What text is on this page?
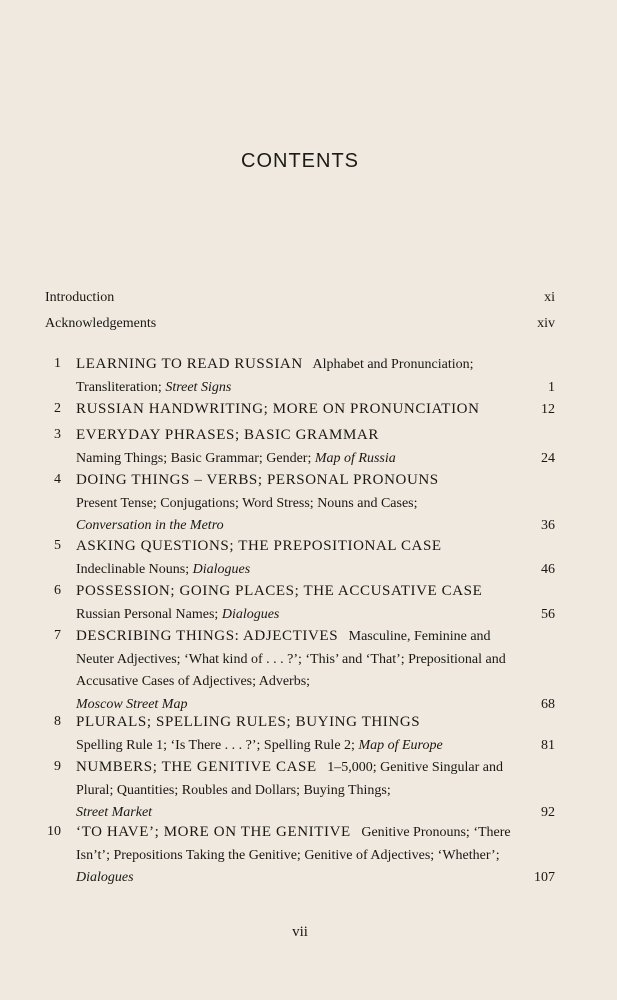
CONTENTS
Introduction	xi
Acknowledgements	xiv
1 LEARNING TO READ RUSSIAN Alphabet and Pronunciation; Transliteration; Street Signs	1
2 RUSSIAN HANDWRITING; MORE ON PRONUNCIATION	12
3 EVERYDAY PHRASES; BASIC GRAMMAR
Naming Things; Basic Grammar; Gender; Map of Russia	24
4 DOING THINGS – VERBS; PERSONAL PRONOUNS
Present Tense; Conjugations; Word Stress; Nouns and Cases;
Conversation in the Metro	36
5 ASKING QUESTIONS; THE PREPOSITIONAL CASE
Indeclinable Nouns; Dialogues	46
6 POSSESSION; GOING PLACES; THE ACCUSATIVE CASE   Russian Personal Names; Dialogues	56
7 DESCRIBING THINGS: ADJECTIVES Masculine, Feminine and Neuter Adjectives; ‘What kind of . . . ?’; ‘This’ and ‘That’; Prepositional and Accusative Cases of Adjectives; Adverbs;
Moscow Street Map	68
8 PLURALS; SPELLING RULES; BUYING THINGS
Spelling Rule 1; ‘Is There . . . ?’; Spelling Rule 2; Map of Europe	81
9 NUMBERS; THE GENITIVE CASE 1–5,000; Genitive Singular and Plural; Quantities; Roubles and Dollars; Buying Things;
Street Market	92
10 ‘TO HAVE’; MORE ON THE GENITIVE Genitive Pronouns; ‘There Isn’t’; Prepositions Taking the Genitive; Genitive of Adjectives; ‘Whether’; Dialogues	107
vii
